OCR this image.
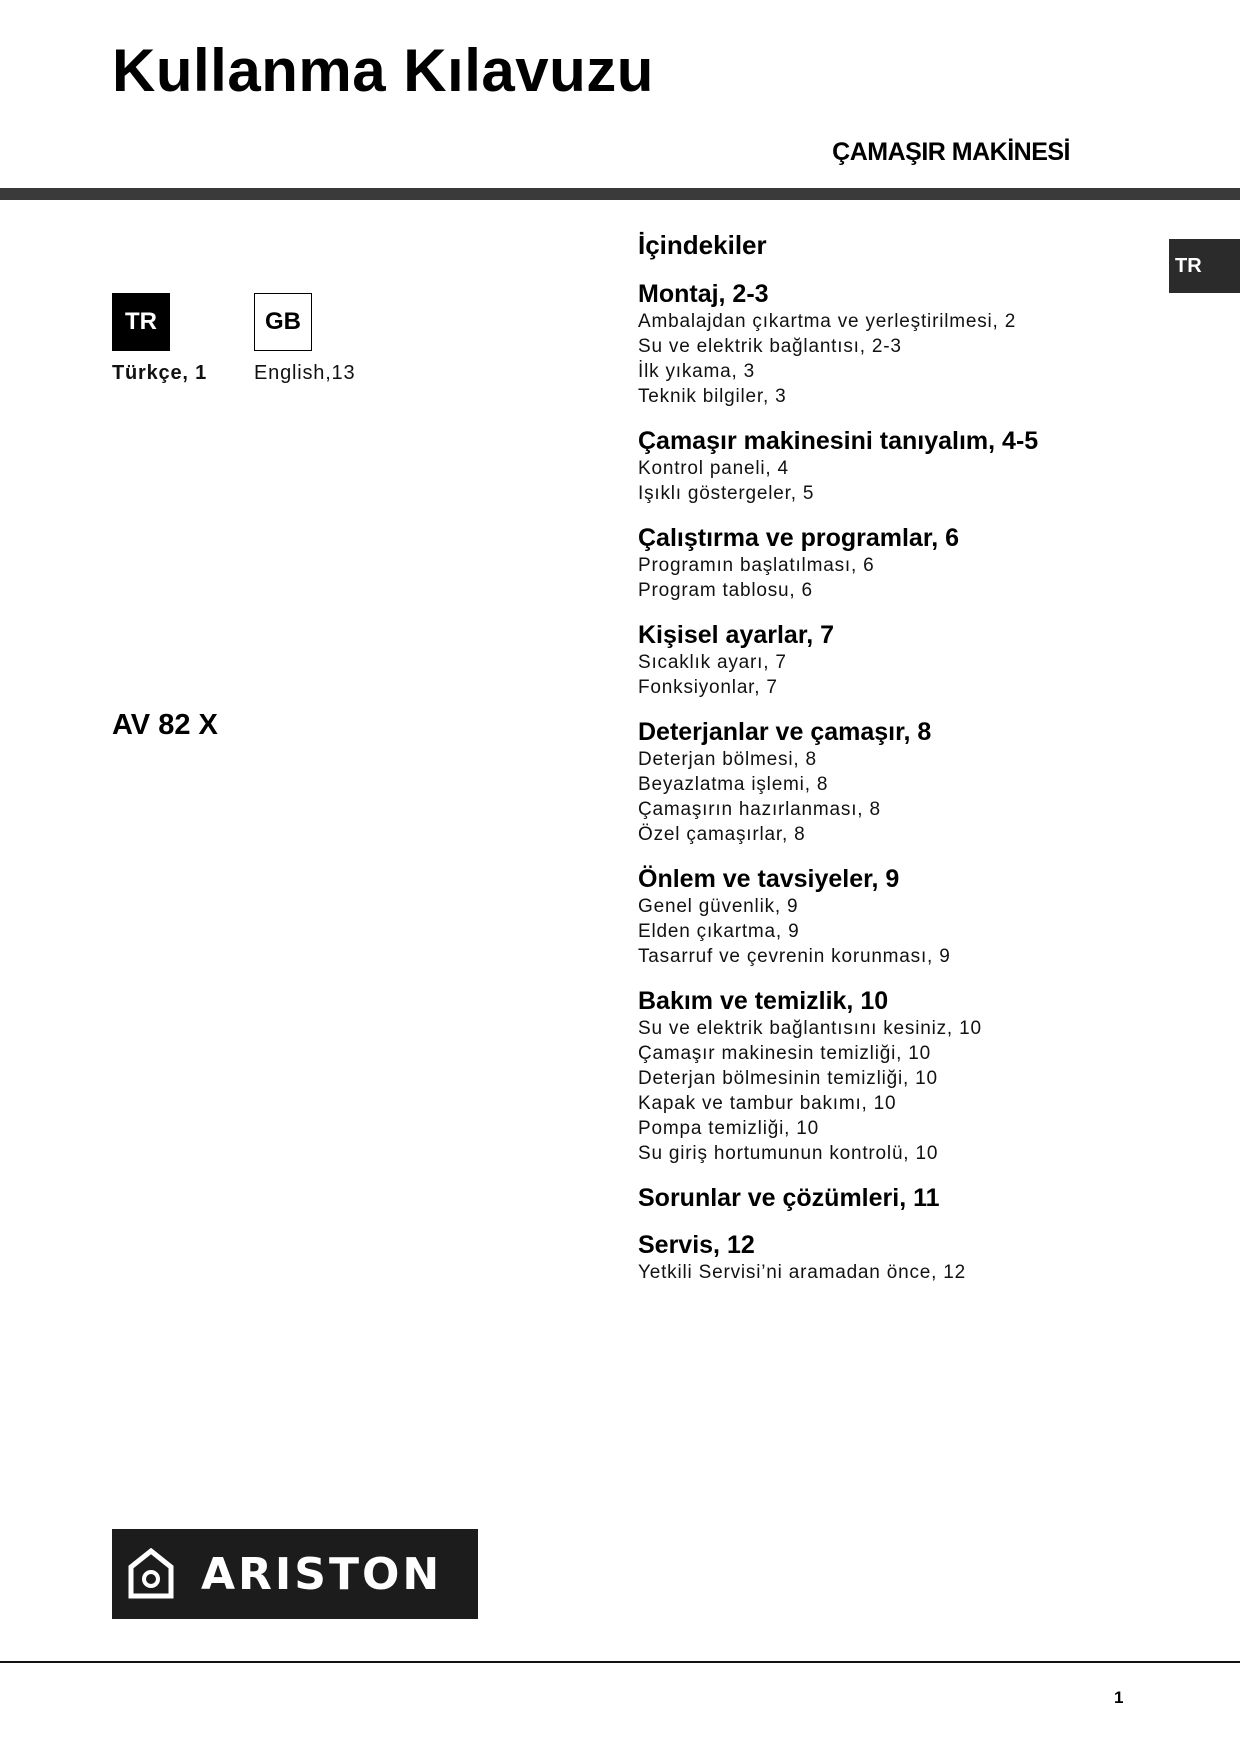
Kullanma Kılavuzu
ÇAMAŞIR MAKİNESİ
TR
TR	GB
Türkçe, 1 English,13
AV 82 X
İçindekiler
Montaj, 2-3
Ambalajdan çıkartma ve yerleştirilmesi, 2
Su ve elektrik bağlantısı, 2-3
İlk yıkama, 3
Teknik bilgiler, 3
Çamaşır makinesini tanıyalım, 4-5
Kontrol paneli, 4
Işıklı göstergeler, 5
Çalıştırma ve programlar, 6
Programın başlatılması, 6
Program tablosu, 6
Kişisel ayarlar, 7
Sıcaklık ayarı, 7
Fonksiyonlar, 7
Deterjanlar ve çamaşır, 8
Deterjan bölmesi, 8
Beyazlatma işlemi, 8
Çamaşırın hazırlanması, 8
Özel çamaşırlar, 8
Önlem ve tavsiyeler, 9
Genel güvenlik, 9
Elden çıkartma, 9
Tasarruf ve çevrenin korunması, 9
Bakım ve temizlik, 10
Su ve elektrik bağlantısını kesiniz, 10
Çamaşır makinesin temizliği, 10
Deterjan bölmesinin temizliği, 10
Kapak ve tambur bakımı, 10
Pompa temizliği, 10
Su giriş hortumunun kontrolü, 10
Sorunlar ve çözümleri, 11
Servis, 12
Yetkili Servisi’ni aramadan önce, 12
ARISTON
1
